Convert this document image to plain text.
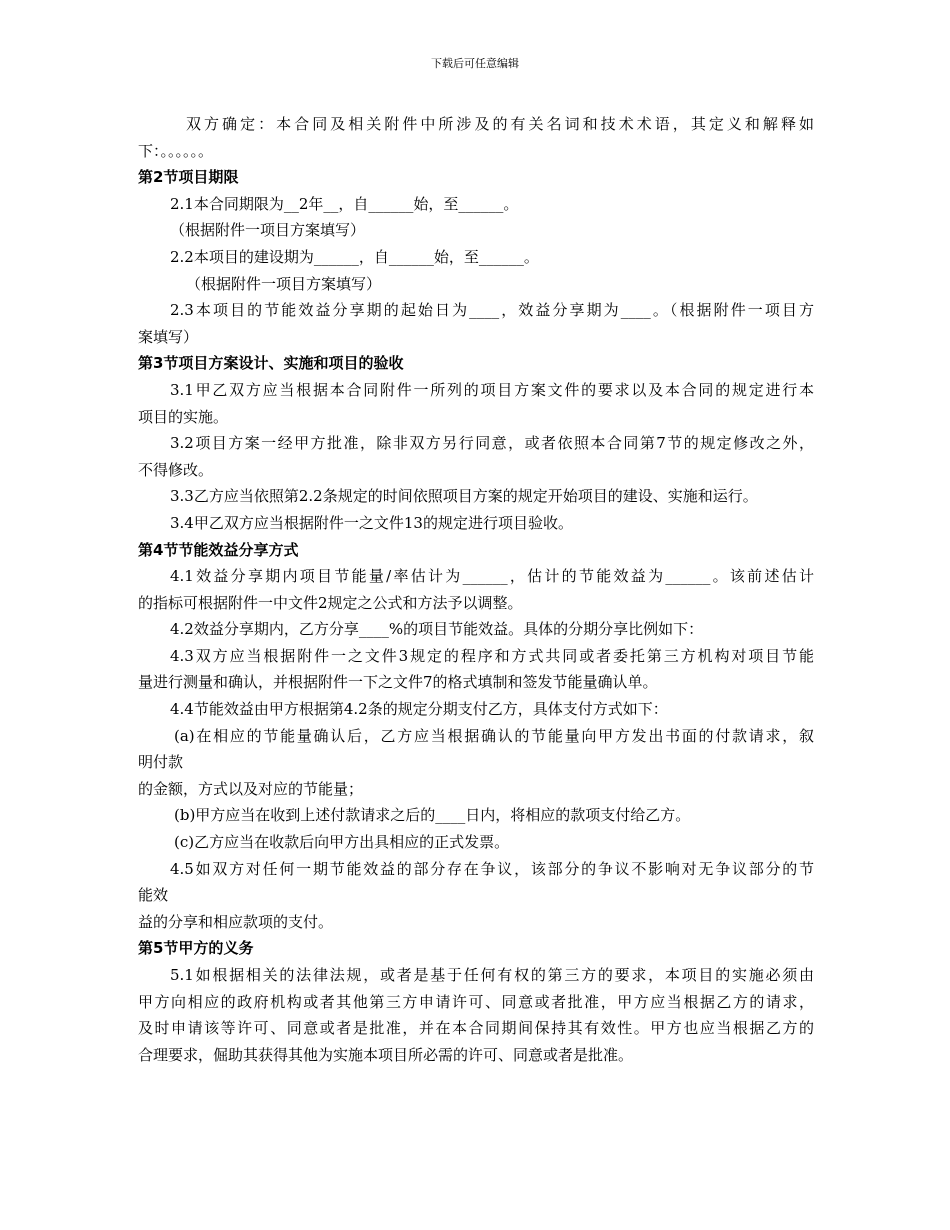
下载后可任意编辑
双方确定：本合同及相关附件中所涉及的有关名词和技术术语，其定义和解释如
下：。。。。。。
第2节项目期限
2.1本合同期限为__2年__，自______始，至______。
（根据附件一项目方案填写）
2.2本项目的建设期为______，自______始，至______。
（根据附件一项目方案填写）
2.3本项目的节能效益分享期的起始日为____，效益分享期为____。（根据附件一项目方
案填写）
第3节项目方案设计、实施和项目的验收
3.1甲乙双方应当根据本合同附件一所列的项目方案文件的要求以及本合同的规定进行本
项目的实施。
3.2项目方案一经甲方批准，除非双方另行同意，或者依照本合同第7节的规定修改之外，
不得修改。
3.3乙方应当依照第2.2条规定的时间依照项目方案的规定开始项目的建设、实施和运行。
3.4甲乙双方应当根据附件一之文件13的规定进行项目验收。
第4节节能效益分享方式
4.1效益分享期内项目节能量/率估计为______，估计的节能效益为______。该前述估计
的指标可根据附件一中文件2规定之公式和方法予以调整。
4.2效益分享期内，乙方分享____%的项目节能效益。具体的分期分享比例如下：
4.3双方应当根据附件一之文件3规定的程序和方式共同或者委托第三方机构对项目节能
量进行测量和确认，并根据附件一下之文件7的格式填制和签发节能量确认单。
4.4节能效益由甲方根据第4.2条的规定分期支付乙方，具体支付方式如下：
(a)在相应的节能量确认后，乙方应当根据确认的节能量向甲方发出书面的付款请求，叙
明付款
的金额，方式以及对应的节能量；
(b)甲方应当在收到上述付款请求之后的____日内，将相应的款项支付给乙方。
(c)乙方应当在收款后向甲方出具相应的正式发票。
4.5如双方对任何一期节能效益的部分存在争议，该部分的争议不影响对无争议部分的节
能效
益的分享和相应款项的支付。
第5节甲方的义务
5.1如根据相关的法律法规，或者是基于任何有权的第三方的要求，本项目的实施必须由
甲方向相应的政府机构或者其他第三方申请许可、同意或者批准，甲方应当根据乙方的请求，
及时申请该等许可、同意或者是批准，并在本合同期间保持其有效性。甲方也应当根据乙方的
合理要求，倔助其获得其他为实施本项目所必需的许可、同意或者是批准。
